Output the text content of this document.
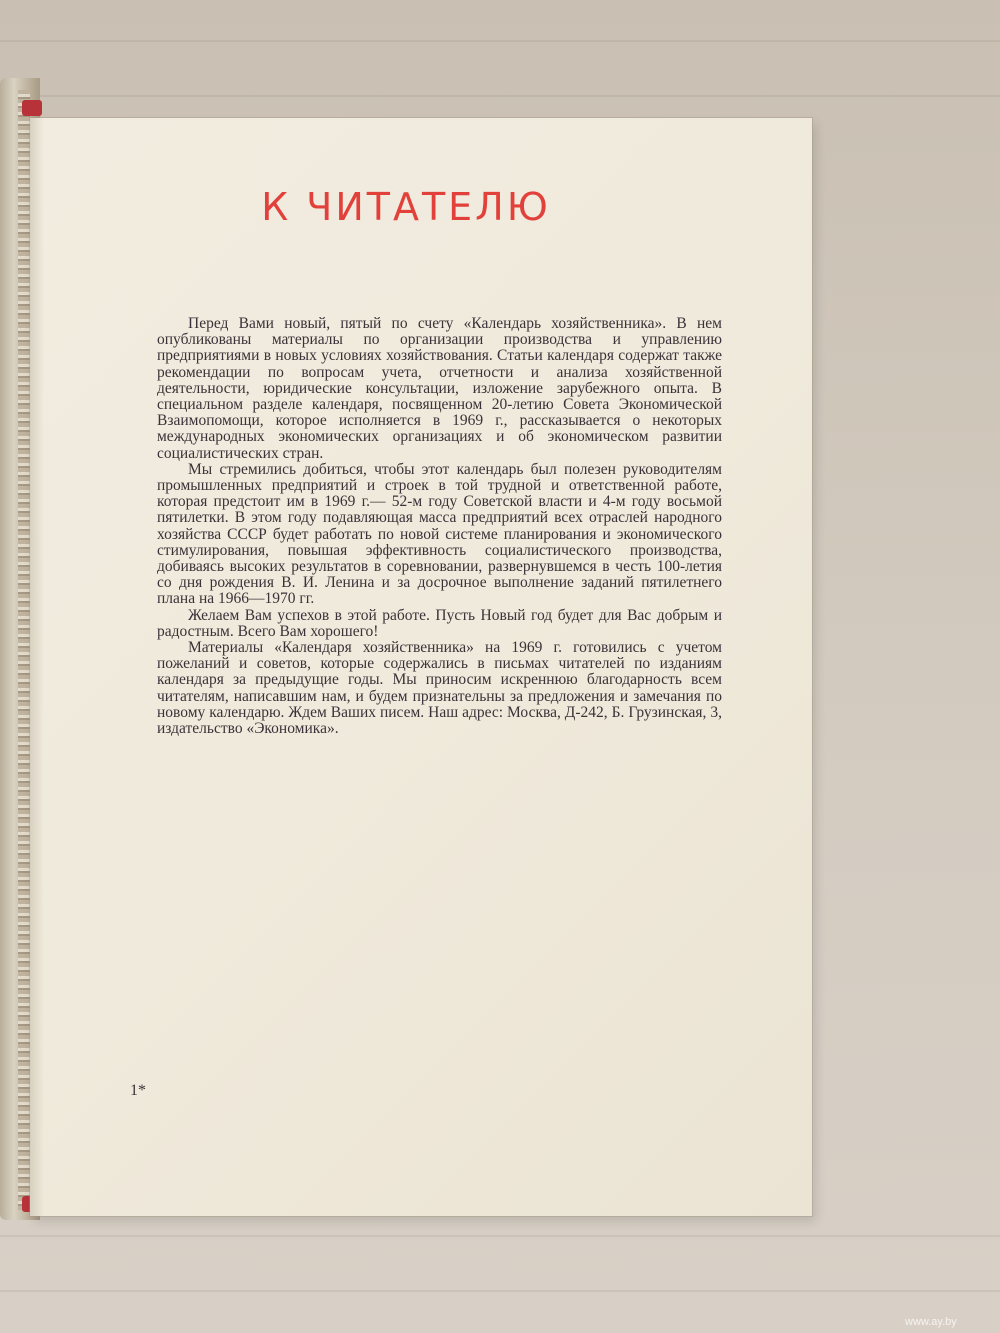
К ЧИТАТЕЛЮ

Перед Вами новый, пятый по счету «Календарь хозяйственника». В нем опубликованы материалы по организации производства и управлению предприятиями в новых условиях хозяйствования. Статьи календаря содержат также рекомендации по вопросам учета, отчетности и анализа хозяйственной деятельности, юридические консультации, изложение зарубежного опыта. В специальном разделе календаря, посвященном 20-летию Совета Экономической Взаимопомощи, которое исполняется в 1969 г., рассказывается о некоторых международных экономических организациях и об экономическом развитии социалистических стран.

Мы стремились добиться, чтобы этот календарь был полезен руководителям промышленных предприятий и строек в той трудной и ответственной работе, которая предстоит им в 1969 г.— 52-м году Советской власти и 4-м году восьмой пятилетки. В этом году подавляющая масса предприятий всех отраслей народного хозяйства СССР будет работать по новой системе планирования и экономического стимулирования, повышая эффективность социалистического производства, добиваясь высоких результатов в соревновании, развернувшемся в честь 100-летия со дня рождения В. И. Ленина и за досрочное выполнение заданий пятилетнего плана на 1966—1970 гг.

Желаем Вам успехов в этой работе. Пусть Новый год будет для Вас добрым и радостным. Всего Вам хорошего!

Материалы «Календаря хозяйственника» на 1969 г. готовились с учетом пожеланий и советов, которые содержались в письмах читателей по изданиям календаря за предыдущие годы. Мы приносим искреннюю благодарность всем читателям, написавшим нам, и будем признательны за предложения и замечания по новому календарю. Ждем Ваших писем. Наш адрес: Москва, Д-242, Б. Грузинская, 3, издательство «Экономика».

1*
www.ay.by
